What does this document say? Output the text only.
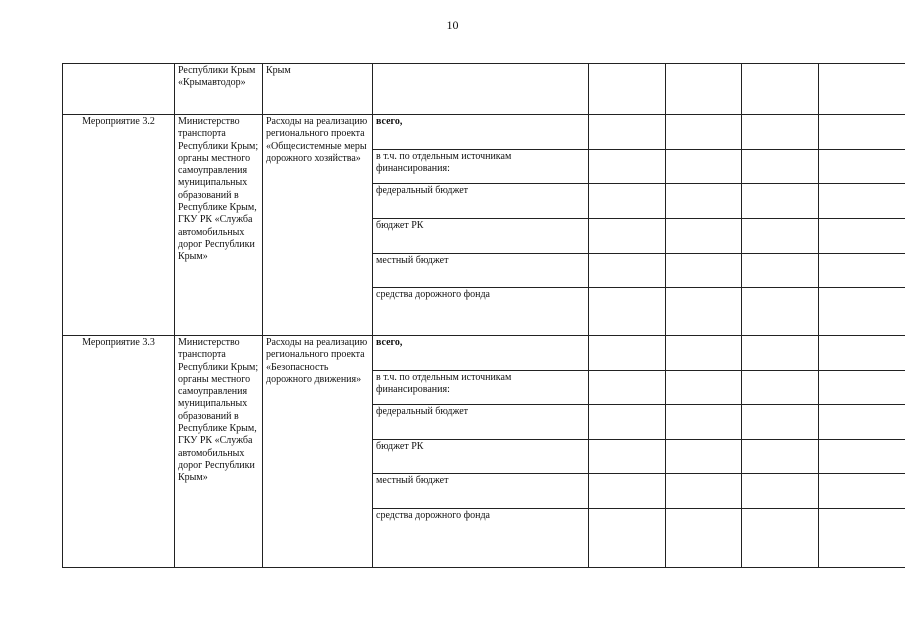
10
	Республики Крым «Крымавтодор»	Крым					
Мероприятие 3.2	Министерство транспорта Республики Крым; органы местного самоуправления муниципальных образований в Республике Крым, ГКУ РК «Служба автомобильных дорог Республики Крым»	Расходы на реализацию регионального проекта «Общесистемные меры дорожного хозяйства»	всего,				
			в т.ч. по отдельным источникам финансирования:				
			федеральный бюджет				
			бюджет РК				
			местный бюджет				
			средства дорожного фонда				
Мероприятие 3.3	Министерство транспорта Республики Крым; органы местного самоуправления муниципальных образований в Республике Крым, ГКУ РК «Служба автомобильных дорог Республики Крым»	Расходы на реализацию регионального проекта «Безопасность дорожного движения»	всего,				
			в т.ч. по отдельным источникам финансирования:				
			федеральный бюджет				
			бюджет РК				
			местный бюджет				
			средства дорожного фонда				
